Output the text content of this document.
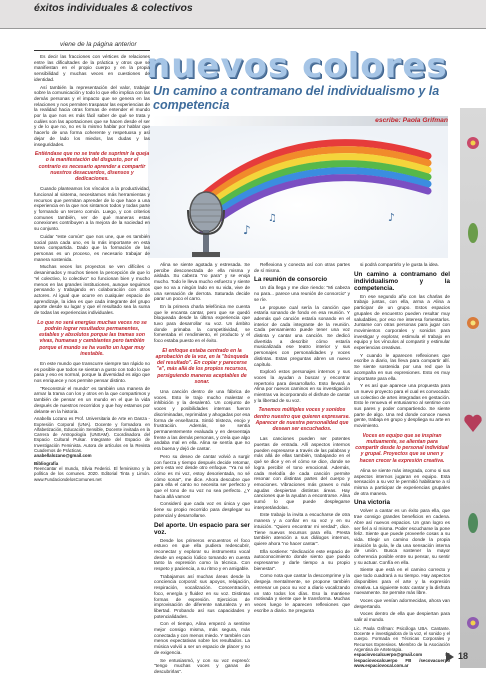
éxitos individuales & colectivos
viene de la página anterior
nuevos colores
Un camino a contramano del individualismo y la competencia
escribe: Paola Grifman
♪
♫	♪

Es decir las fracciones con vértices de relaciones entre las dificultades de la práctica y otros que se manifiestan en el propio cuerpo y en la propia sensibilidad y muchas veces en cuestiones de identidad.

Así también la representación del valor, trabajar sobre la comunicación y todo lo que ello implica con las demás personas y el impacto que se genera en las relaciones y nos permiten traspasar las experiencias de la realidad hacia otras formas de entender el mundo por la que nos es más fácil saber de qué se trata y cuáles son las aportaciones que se hacen desde el ser y de lo que no, no es lo mismo hablar por hablar que hacerlo de una forma coherente y respetuosa y así dejar de lado los miedos, las dudas y las inseguridades.

Entiéndase que no se trate de suprimir la queja o la manifestación del disgusto, por el contrario es necesario aprender a compartir nuestros desacuerdos, disensos y dedicaciones.

Cuando planteamos los vínculos a la productividad, funcional al sistema, necesitamos más herramientas y recursos que permitan aprender de lo que hace a una experiencia en la que nos sintamos todos y todas parte y formando un tercero común. Luego, y con criterios comunes también, ver de qué maneras estas conexiones contribuyen a la mejora de la sociedad en su conjunto.

Cuidar "este común" que nos une, que es también social para cada uno, es lo más importante en esta tarea compartida. Dado que la formación de las personas es un proceso, es necesario trabajar de manera sostenida.

Muchas veces los proyectos se ven difíciles o desanimados y muchos tienen la percepción de que lo "el colectivo, lo colectivo" no funcionan bien y mucho menos en las grandes instituciones, aunque seguimos pensando y trabajando en colaboración con otros actores. Al igual que ocurre en cualquier espacio de aprendizaje, la idea es que cada integrante del grupo aporte desde su lugar y que el resultado sea la suma de todas las experiencias individuales.

Lo que no será energías muchas veces no se podrán lograr resultados permanentes, estables y absolutos porque las tramas son vivas, humanas y cambiantes pero también porque el mundo se ha vuelto un lugar muy inestable.

En este mundo que transcurre siempre tan rápido no es posible que todos se sientan a gusto con todo lo que pasa y eso es normal, porque la diversidad es algo que nos enriquece y nos permite pensar distinto.

"Reconstruir el mundo" es también una manera de armar la trama con los y otros en la que compartimos y también de pensar en un mundo en el que la vida después de nuestros recorridos y que hoy estamos por delante en la historia.

Anabella Lozano es Prof. Universitaria de Arte en Danza - Expresión Corporal (UNA). Docente y formadora en Alfabetización, Educación Sensible, Docente invitada en la Carrera de Antropología (UNSAM). Coordinadora del Espacio Cultural Pulsar. Integrante del Espacio de Investigación Feminista. Autora de artículos en la Revista Cuadernos de Prácticas.
anabellalozano@gmail.com
Bibliografía
Reencantar el mundo, Silvia Federici. El feminismo y la política de los comunes. 2020. Editorial Tinta y Limón. www.FundaciondelosComunes.net

Alina se siente agotada y estresada. Se percibe desconectada de ella misma y aislada. Su cabeza "no para" y se enoja mucho. Todo le lleva mucho esfuerzo y siente que no va a ningún lado en su vida, vive de una sensación de derrota. Saturada decide parar un poco el carro.

En la primera charla telefónica me cuenta que le encanta cantar, pero que se quedó bloqueada desde la última experiencia que tuvo para desarrollar su voz. Un ámbito donde primaba la competitividad, se fomentaba el rendimiento, el producto y el foco estaba puesto en el éxito.

El enfoque estaba centrado en la aprobación de la voz, en la "búsqueda del resultado". En copiar y parecerse "a", más allá de los propios recursos, persiguiendo maneras aceptables de sonar.

Una canción dentro de una fábrica de voces. Esto le trajo mucho malestar e inhibición y la desalentó. Un conjunto de voces y posibilidades internas fueron discriminadas, reprimidas y ahogadas por esa forma de enseñanza. Sintió tristeza, enojo y frustración. Además, se sentía permanentemente evaluada y en desventaja frente a las demás personas, y creía que algo andaba mal en ella. Alina se sentía que no era buena y dejó de cantar.

Pero su deseo de cantar volvió a surgir con fuerza y tiempo después decide retomar, pero esta vez desde otro enfoque. "Ya no sé cómo es mi voz, estoy desorientada, no sé cómo sonar", me dice. Ahora descubre que para ella el canto no necesita ser perfecto y que el tono de su voz no sea perfecto. ¿Y hacia allá vamos!

Consideró que cada voz es única y que tiene su propio recorrido para desplegar su potencial y desarrollarse.

Del aporte. Un espacio para ser voz.

Desde los primeros encuentros el foco estuvo en que ella pudiera redescubrir, reconectar y explorar su instrumento vocal desde un espacio lúdico tomando en cuenta tanto la expresión como la técnica. Con respeto y paciencia, a su ritmo y en amigable.

Trabajamos así muchas áreas desde la conciencia corporal: sus apoyos, relajación, respiración, vocalización. Concentración, foco, energía y fluidez en su voz. Distintas formas de expresión. Ejercicios de improvisación de diferente naturaleza y en libertad. Probando así sus capacidades y potencialidades.

Con el tiempo, Alina empezó a sentirse mejor consigo misma, más segura, más conectada y con menos miedo. Y también con menos expectativas sobre los resultados. La música volvió a ser un espacio de placer y no de exigencia.

Se entusiasmó, y con su voz expresó: "tengo muchas voces y ganas de descubrirlas".

Reflexiona y conecta así con otras partes de sí misma.

La reunión de consorcio

Un día llega y me dice riendo: "Mi cabeza no para... parece una reunión de consorcio" y se ríe.

Le propuse cual sería la canción que estaría sonando de fondo en esa reunión. Y además qué canción estaría sonando en el interior de cada integrante de la reunión. Cada pensamiento puede tener una voz distinta y cantar una canción. Se dedicó divertida a describir cómo estaría musicalizada ese teatro interior y sus personajes con personalidades y voces distintas. Estas preguntas abren un nuevo capítulo.

Exploró estos personajes internos y sus voces la ayudan a buscar y encontrar repertorio para desarrollarlo. Esto llevará a Alina por nuevos caminos en su investigación mientras va incorporando el disfrute de cantar y la libertad de su voz.

Tenemos múltiples voces y sonidos dentro nuestro que quieren expresarse. Aparecer de nuestra personalidad que desean ser escuchados.

Las canciones pueden ser potentes puertas de entrada. Allí aspectos internos pueden expresarse a través de las palabras y más allá de ellas también, trabajando en el qué se dice y en el cómo se dice, donde se logra percibir el tono emocional. Además, cada melodía de cada canción permite resonar con distintas partes del cuerpo y emociones. Vibraciones más graves o más agudas despiertan distintas áreas. Hay canciones que la ayudan a encontrarse. Alina sumó lo que puede desplegarse interpretándolas.

Este trabajo la invita a escucharse de otra manera y a confiar en su voz y en su intuición. "Quiero encontrar mi verdad", dice. Tiene nuevos recursos para ello. Presta también atención a sus diálogos internos, quiere ahora "no hacer cantar".

Ella sostiene: "dedicación este espacio de autoconocimiento donde siento que puedo expresarme y darle tiempo a su propio bienestar".

Como nota que cantar la descomprime y la despeja mentalmente, se propone también entrenar un poco su voz a diario vocalizando un rato todos los días. Eso la mantiene motivada y siente que le transforma. Muchas veces luego le aparecen reflexiones que escribe a diario. Se pregunta

si podrá compartirlo y le gusta la idea.

Un camino a contramano del individualismo y la competencia.

En ese segundo año con las charlas de trabajo juntas, con ella, arma a Alina a participar de un grupo. Estos espacios grupales de encuentro pueden resultar muy saludables, por eso me interesa fomentarlos. Juntarse con otras personas para jugar con movimientos corporales y sonidos para investigar y explorar, estimula el trabajo en equipo y los vínculos al compartir y estimular experiencias creativas.

Y cuando le aparecen reflexiones que escribe a diario, las lleva para compartir allí. Se siente sostenida por una red que la acompaña en sus expresiones. Esto es muy importante para ella.

Y es así que aparece una propuesta para un nuevo proyecto para el cual es convocada: un colectivo de artes integradas en gestación. Esto le renueva el entusiasmo al sentirse con sus pares y poder compartiendo. Se siente parte de algo. Una red donde conoce nueva gente, trabaja en grupo y despliega su arte en movimiento.

Voces en equipo que se inspiran mutuamente, se alientan para compartir desde lo personal individual y grupal. Proyectos que se unen y hacen crecer la expresión creativa.

Alina se siente más integrada, como si sus aspectos internos jugaran en equipo. Esta sensación a su vez le permitió habilitarse a sí misma a participar de experiencias grupales de otra manera.

Una victoria

Volver a cantar es un éxito para ella, que trae consigo grandes beneficios en cadena. Abre así nuevos espacios. Un gran logro es ser fiel a sí misma. Poder escucharse la pone feliz. Siente que puede proveerle cosas a su vida. Elegir un camino donde la propia intuición la guía, le da una sensación interna de unión. Busca sostener la mayor coherencia posible entre su pensar, su sentir y su actuar. Confía en ella.

Siente que está en el camino correcto y que todo cuadrará a su tiempo. Hay aspectos disponibles para el arte y la expresión creativa. La siguiente nota: cantar y la disfruta nuevamente. Se permite más libre.

Voces que venían adormecidas, ahora van despertando.

Voces dentro de ella que despiertan para salir al mundo.

Lic. Paola Grifman: Psicóloga UBA. Cantante. Docente e investigadora de la voz, el sonido y el cuerpo. Formada en Técnicas Corporales y Recursos Expresivos. Miembro de la Asociación Argentina de Arteterapia.
espaciovocalcuerpo@gmail.com IG /espaciovocalcuerpo FB /secovacuerpo www.espaciovocal.com.ar
18
